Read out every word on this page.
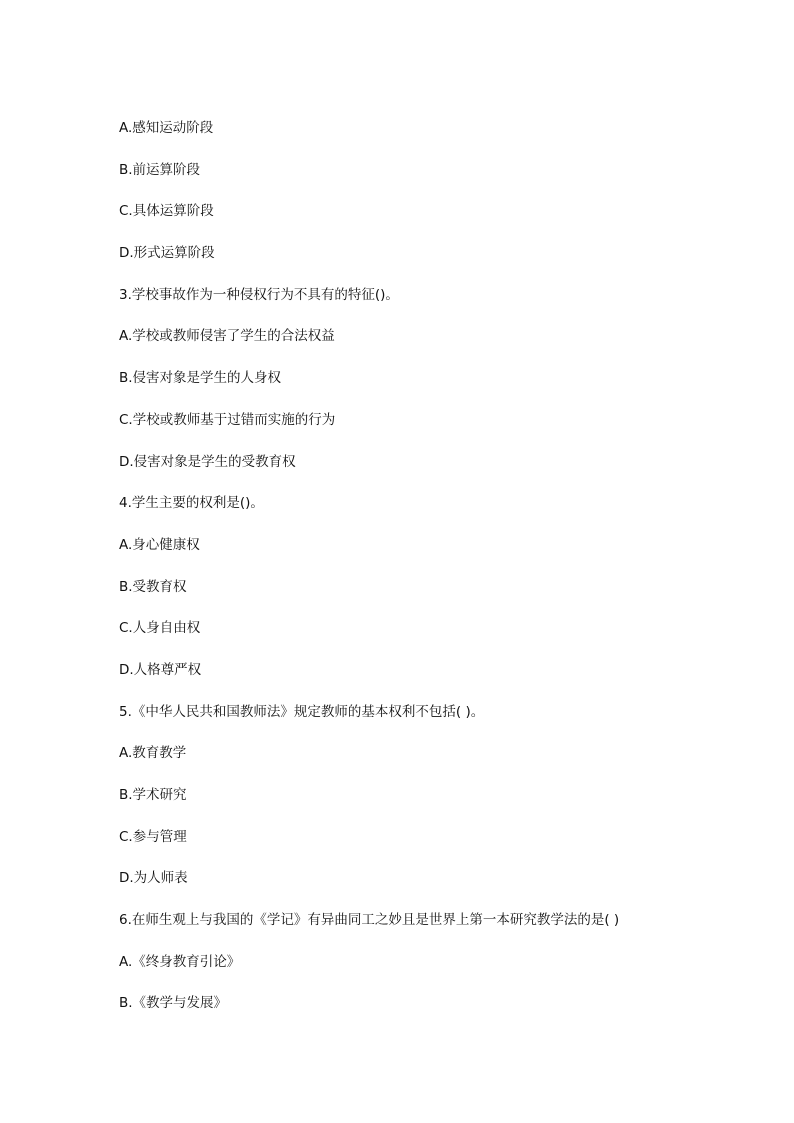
A.感知运动阶段
B.前运算阶段
C.具体运算阶段
D.形式运算阶段
3.学校事故作为一种侵权行为不具有的特征()。
A.学校或教师侵害了学生的合法权益
B.侵害对象是学生的人身权
C.学校或教师基于过错而实施的行为
D.侵害对象是学生的受教育权
4.学生主要的权利是()。
A.身心健康权
B.受教育权
C.人身自由权
D.人格尊严权
5.《中华人民共和国教师法》规定教师的基本权利不包括( )。
A.教育教学
B.学术研究
C.参与管理
D.为人师表
6.在师生观上与我国的《学记》有异曲同工之妙且是世界上第一本研究教学法的是( )
A.《终身教育引论》
B.《教学与发展》
